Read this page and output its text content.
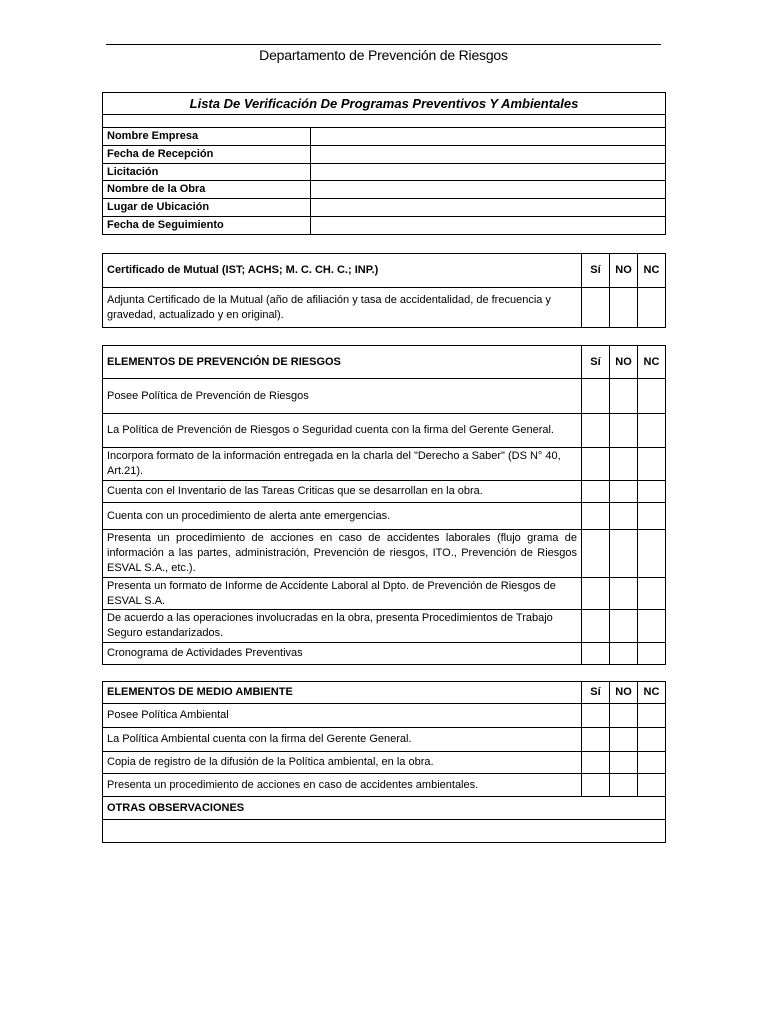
Departamento de Prevención de Riesgos
Lista De Verificación De Programas Preventivos Y Ambientales	

Nombre Empresa	
Fecha de Recepción	
Licitación	
Nombre de la Obra	
Lugar de Ubicación	
Fecha de Seguimiento	
Certificado de Mutual (IST; ACHS; M. C. CH. C.; INP.)	Sí	NO	NC
Adjunta Certificado de la Mutual (año de afiliación y tasa de accidentalidad, de frecuencia y gravedad, actualizado y en original).			
ELEMENTOS DE PREVENCIÓN DE RIESGOS	Sí	NO	NC
Posee Política de Prevención de Riesgos			
La Política de Prevención de Riesgos o Seguridad cuenta con la firma del Gerente General.			
Incorpora formato de la información entregada en la charla del "Derecho a Saber" (DS N° 40, Art.21).			
Cuenta con el Inventario de las Tareas Criticas que se desarrollan en la obra.			
Cuenta con un procedimiento de alerta ante emergencias.			
Presenta un procedimiento de acciones en caso de accidentes laborales (flujo grama de información a las partes, administración, Prevención de riesgos, ITO., Prevención de Riesgos ESVAL S.A., etc.).			
Presenta un formato de Informe de Accidente Laboral al Dpto. de Prevención de Riesgos de ESVAL S.A.			
De acuerdo a las operaciones involucradas en la obra, presenta Procedimientos de Trabajo Seguro estandarizados.			
Cronograma de Actividades Preventivas			
ELEMENTOS DE MEDIO AMBIENTE	Sí	NO	NC
Posee Política Ambiental			
La Política Ambiental cuenta con la firma del Gerente General.			
Copia de registro de la difusión de la Política ambiental, en la obra.			
Presenta un procedimiento de acciones en caso de accidentes ambientales.			
OTRAS OBSERVACIONES			
